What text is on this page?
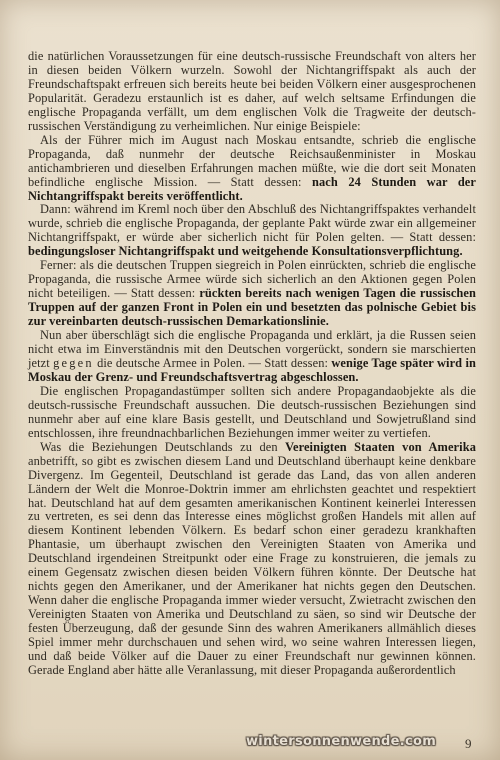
die natürlichen Voraussetzungen für eine deutsch-russische Freundschaft von alters her in diesen beiden Völkern wurzeln. Sowohl der Nichtangriffspakt als auch der Freundschaftspakt erfreuen sich bereits heute bei beiden Völkern einer ausgesprochenen Popularität. Geradezu erstaunlich ist es daher, auf welch seltsame Erfindungen die englische Propaganda verfällt, um dem englischen Volk die Tragweite der deutsch-russischen Verständigung zu verheimlichen. Nur einige Beispiele:

Als der Führer mich im August nach Moskau entsandte, schrieb die englische Propaganda, daß nunmehr der deutsche Reichsaußenminister in Moskau antichambrieren und dieselben Erfahrungen machen müßte, wie die dort seit Monaten befindliche englische Mission. — Statt dessen: nach 24 Stunden war der Nichtangriffspakt bereits veröffentlicht.

Dann: während im Kreml noch über den Abschluß des Nichtangriffspaktes verhandelt wurde, schrieb die englische Propaganda, der geplante Pakt würde zwar ein allgemeiner Nichtangriffspakt, er würde aber sicherlich nicht für Polen gelten. — Statt dessen: bedingungsloser Nichtangriffspakt und weitgehende Konsultationsverpflichtung.

Ferner: als die deutschen Truppen siegreich in Polen einrückten, schrieb die englische Propaganda, die russische Armee würde sich sicherlich an den Aktionen gegen Polen nicht beteiligen. — Statt dessen: rückten bereits nach wenigen Tagen die russischen Truppen auf der ganzen Front in Polen ein und besetzten das polnische Gebiet bis zur vereinbarten deutsch-russischen Demarkationslinie.

Nun aber überschlägt sich die englische Propaganda und erklärt, ja die Russen seien nicht etwa im Einverständnis mit den Deutschen vorgerückt, sondern sie marschierten jetzt gegen die deutsche Armee in Polen. — Statt dessen: wenige Tage später wird in Moskau der Grenz- und Freundschaftsvertrag abgeschlossen.

Die englischen Propagandastümper sollten sich andere Propagandaobjekte als die deutsch-russische Freundschaft aussuchen. Die deutsch-russischen Beziehungen sind nunmehr aber auf eine klare Basis gestellt, und Deutschland und Sowjetrußland sind entschlossen, ihre freundnachbarlichen Beziehungen immer weiter zu vertiefen.

Was die Beziehungen Deutschlands zu den Vereinigten Staaten von Amerika anbetrifft, so gibt es zwischen diesem Land und Deutschland überhaupt keine denkbare Divergenz. Im Gegenteil, Deutschland ist gerade das Land, das von allen anderen Ländern der Welt die Monroe-Doktrin immer am ehrlichsten geachtet und respektiert hat. Deutschland hat auf dem gesamten amerikanischen Kontinent keinerlei Interessen zu vertreten, es sei denn das Interesse eines möglichst großen Handels mit allen auf diesem Kontinent lebenden Völkern. Es bedarf schon einer geradezu krankhaften Phantasie, um überhaupt zwischen den Vereinigten Staaten von Amerika und Deutschland irgendeinen Streitpunkt oder eine Frage zu konstruieren, die jemals zu einem Gegensatz zwischen diesen beiden Völkern führen könnte. Der Deutsche hat nichts gegen den Amerikaner, und der Amerikaner hat nichts gegen den Deutschen. Wenn daher die englische Propaganda immer wieder versucht, Zwietracht zwischen den Vereinigten Staaten von Amerika und Deutschland zu säen, so sind wir Deutsche der festen Überzeugung, daß der gesunde Sinn des wahren Amerikaners allmählich dieses Spiel immer mehr durchschauen und sehen wird, wo seine wahren Interessen liegen, und daß beide Völker auf die Dauer zu einer Freundschaft nur gewinnen können. Gerade England aber hätte alle Veranlassung, mit dieser Propaganda außerordentlich

wintersonnenwende.com 9
